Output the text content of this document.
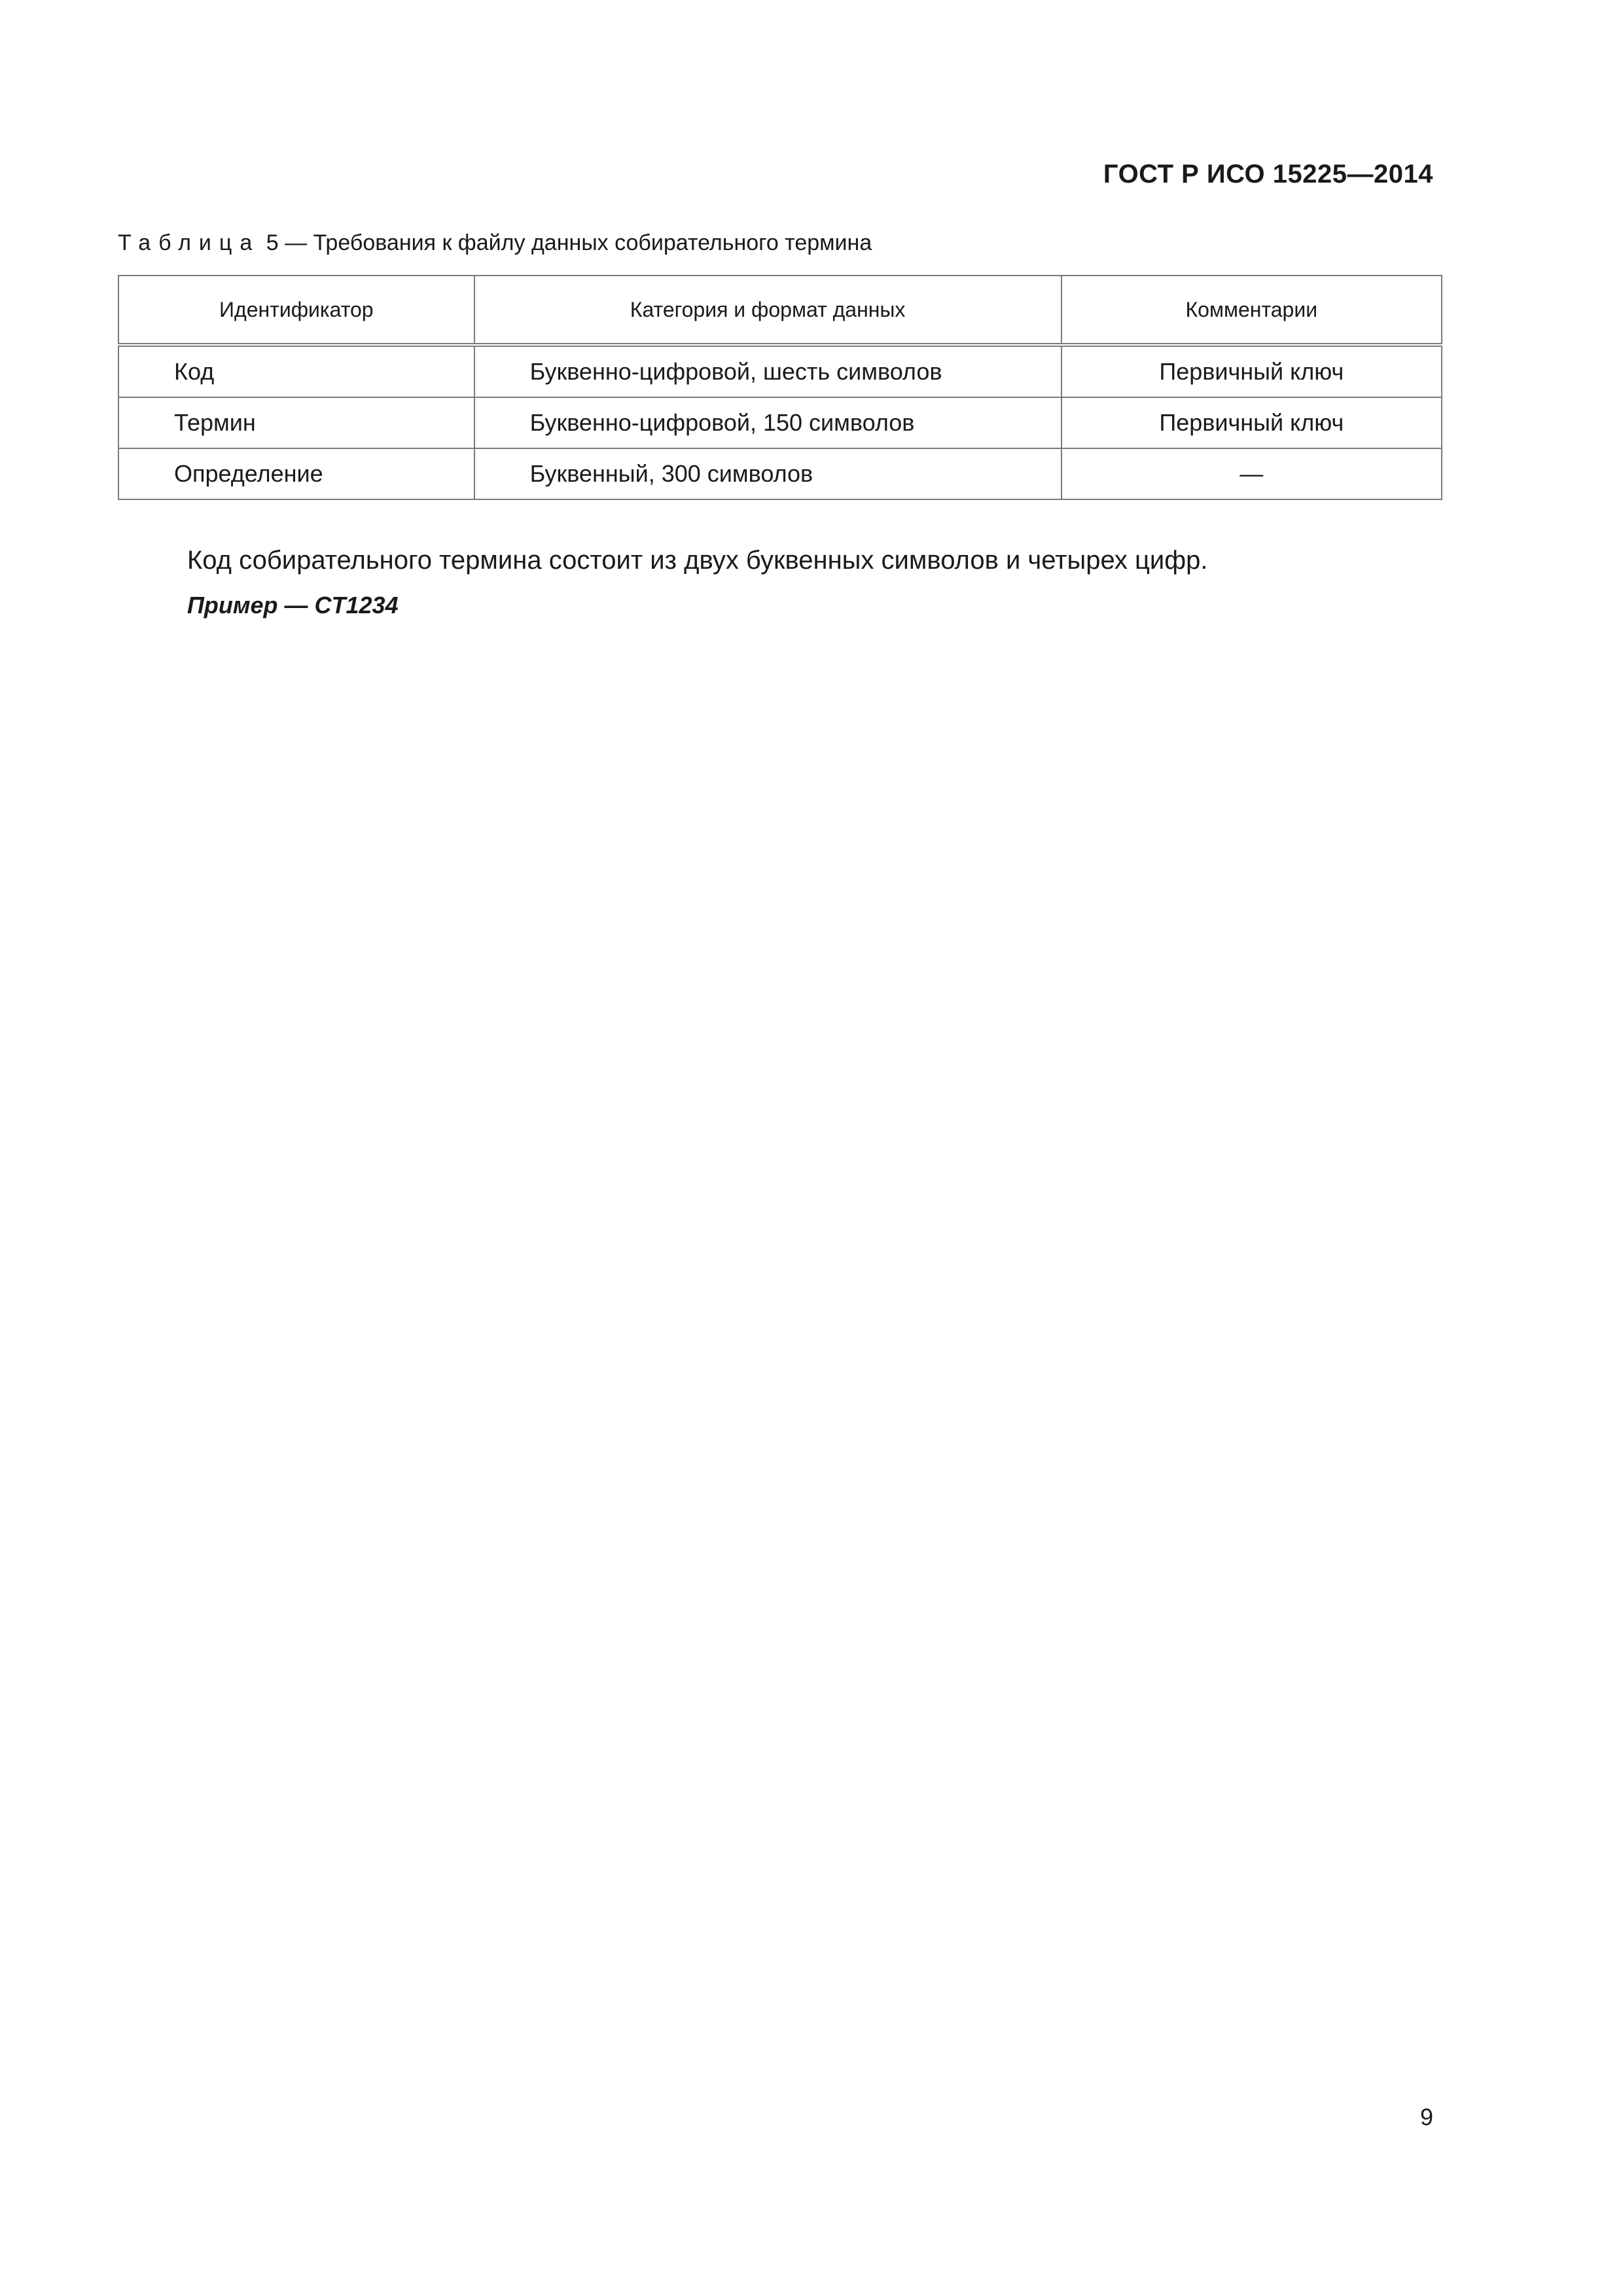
ГОСТ Р ИСО 15225—2014
Таблица 5 — Требования к файлу данных собирательного термина
Идентификатор	Категория и формат данных	Комментарии
Код	Буквенно-цифровой, шесть символов	Первичный ключ
Термин	Буквенно-цифровой, 150 символов	Первичный ключ
Определение	Буквенный, 300 символов	—
Код собирательного термина состоит из двух буквенных символов и четырех цифр.
Пример — CT1234
9
